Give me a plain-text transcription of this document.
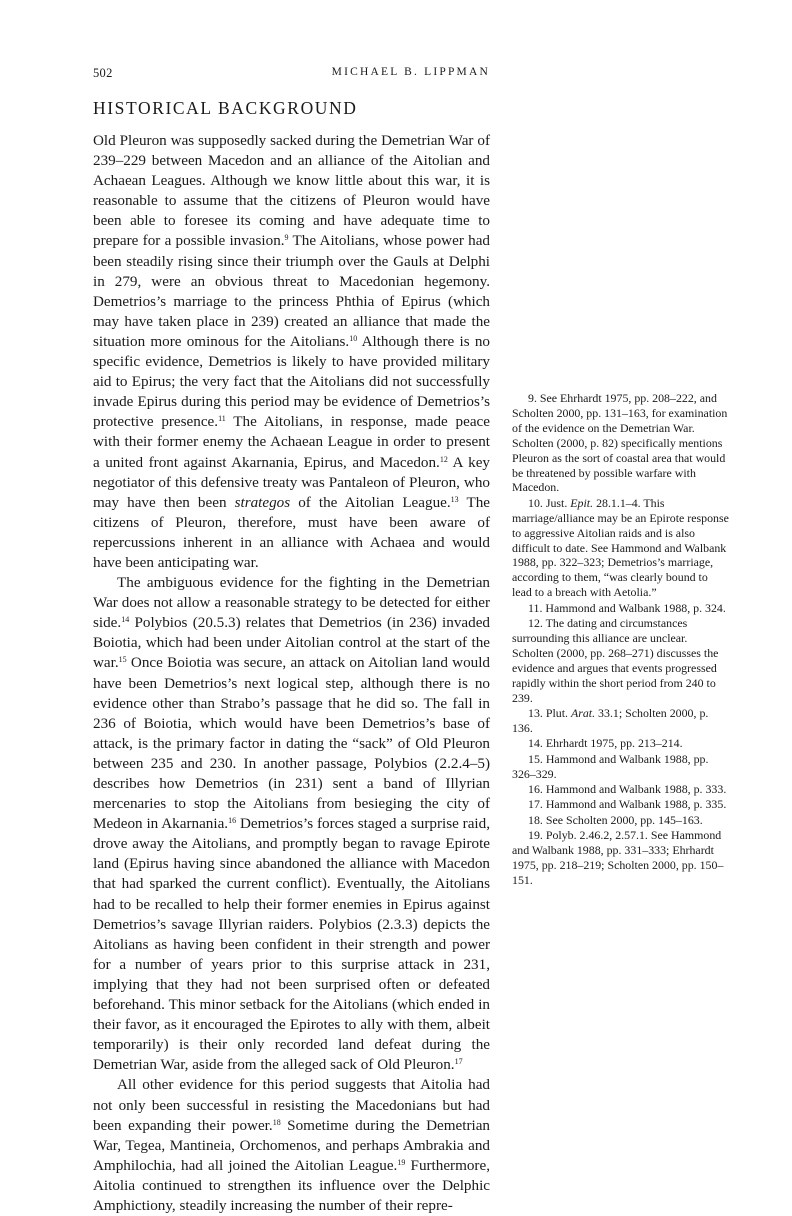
502	MICHAEL B. LIPPMAN
HISTORICAL BACKGROUND

Old Pleuron was supposedly sacked during the Demetrian War of 239–229 between Macedon and an alliance of the Aitolian and Achaean Leagues. Although we know little about this war, it is reasonable to assume that the citizens of Pleuron would have been able to foresee its coming and have adequate time to prepare for a possible invasion.$^9$ The Aitolians, whose power had been steadily rising since their triumph over the Gauls at Delphi in 279, were an obvious threat to Macedonian hegemony. Demetrios’s marriage to the princess Phthia of Epirus (which may have taken place in 239) created an alliance that made the situation more ominous for the Aitolians.$^{10}$ Although there is no specific evidence, Demetrios is likely to have provided military aid to Epirus; the very fact that the Aitolians did not successfully invade Epirus during this period may be evidence of Demetrios’s protective presence.$^{11}$ The Aitolians, in response, made peace with their former enemy the Achaean League in order to present a united front against Akarnania, Epirus, and Macedon.$^{12}$ A key negotiator of this defensive treaty was Pantaleon of Pleuron, who may have then been strategos of the Aitolian League.$^{13}$ The citizens of Pleuron, therefore, must have been aware of repercussions inherent in an alliance with Achaea and would have been anticipating war.

The ambiguous evidence for the fighting in the Demetrian War does not allow a reasonable strategy to be detected for either side.$^{14}$ Polybios (20.5.3) relates that Demetrios (in 236) invaded Boiotia, which had been under Aitolian control at the start of the war.$^{15}$ Once Boiotia was secure, an attack on Aitolian land would have been Demetrios’s next logical step, although there is no evidence other than Strabo’s passage that he did so. The fall in 236 of Boiotia, which would have been Demetrios’s base of attack, is the primary factor in dating the “sack” of Old Pleuron between 235 and 230. In another passage, Polybios (2.2.4–5) describes how Demetrios (in 231) sent a band of Illyrian mercenaries to stop the Aitolians from besieging the city of Medeon in Akarnania.$^{16}$ Demetrios’s forces staged a surprise raid, drove away the Aitolians, and promptly began to ravage Epirote land (Epirus having since abandoned the alliance with Macedon that had sparked the current conflict). Eventually, the Aitolians had to be recalled to help their former enemies in Epirus against Demetrios’s savage Illyrian raiders. Polybios (2.3.3) depicts the Aitolians as having been confident in their strength and power for a number of years prior to this surprise attack in 231, implying that they had not been surprised often or defeated beforehand. This minor setback for the Aitolians (which ended in their favor, as it encouraged the Epirotes to ally with them, albeit temporarily) is their only recorded land defeat during the Demetrian War, aside from the alleged sack of Old Pleuron.$^{17}$

All other evidence for this period suggests that Aitolia had not only been successful in resisting the Macedonians but had been expanding their power.$^{18}$ Sometime during the Demetrian War, Tegea, Mantineia, Orchomenos, and perhaps Ambrakia and Amphilochia, had all joined the Aitolian League.$^{19}$ Furthermore, Aitolia continued to strengthen its influence over the Delphic Amphictiony, steadily increasing the number of their repre-

9. See Ehrhardt 1975, pp. 208–222, and Scholten 2000, pp. 131–163, for examination of the evidence on the Demetrian War. Scholten (2000, p. 82) specifically mentions Pleuron as the sort of coastal area that would be threatened by possible warfare with Macedon.

10. Just. Epit. 28.1.1–4. This marriage/alliance may be an Epirote response to aggressive Aitolian raids and is also difficult to date. See Hammond and Walbank 1988, pp. 322–323; Demetrios’s marriage, according to them, “was clearly bound to lead to a breach with Aetolia.”

11. Hammond and Walbank 1988, p. 324.

12. The dating and circumstances surrounding this alliance are unclear. Scholten (2000, pp. 268–271) discusses the evidence and argues that events progressed rapidly within the short period from 240 to 239.

13. Plut. Arat. 33.1; Scholten 2000, p. 136.

14. Ehrhardt 1975, pp. 213–214.

15. Hammond and Walbank 1988, pp. 326–329.

16. Hammond and Walbank 1988, p. 333.

17. Hammond and Walbank 1988, p. 335.

18. See Scholten 2000, pp. 145–163.

19. Polyb. 2.46.2, 2.57.1. See Hammond and Walbank 1988, pp. 331–333; Ehrhardt 1975, pp. 218–219; Scholten 2000, pp. 150–151.
